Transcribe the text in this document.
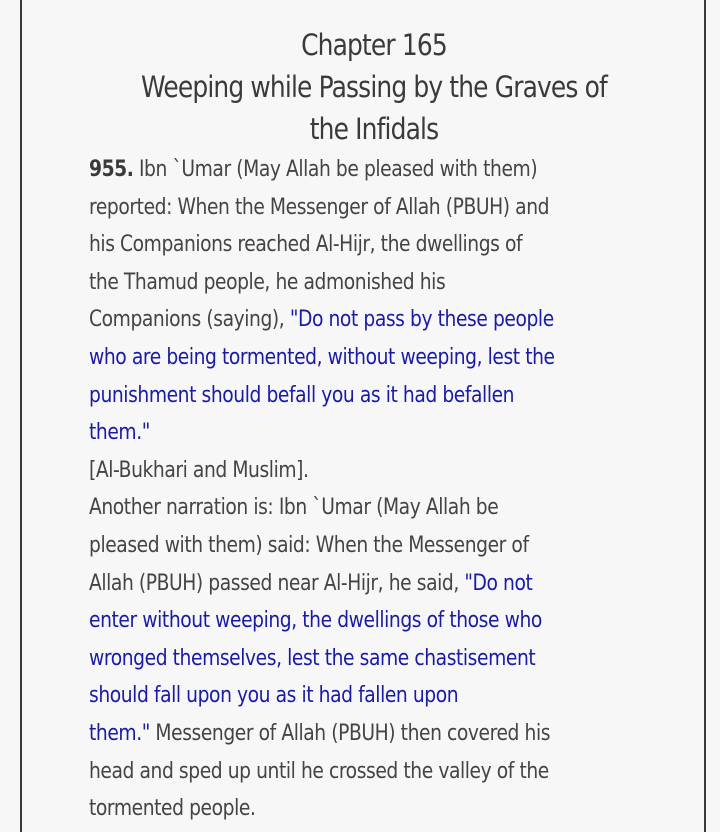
Chapter 165
Weeping while Passing by the Graves of
the Infidals
955. Ibn `Umar (May Allah be pleased with them)
reported: When the Messenger of Allah (PBUH) and
his Companions reached Al-Hijr, the dwellings of
the Thamud people, he admonished his
Companions (saying), "Do not pass by these people
who are being tormented, without weeping, lest the
punishment should befall you as it had befallen
them."
[Al-Bukhari and Muslim].
Another narration is: Ibn `Umar (May Allah be
pleased with them) said: When the Messenger of
Allah (PBUH) passed near Al-Hijr, he said, "Do not
enter without weeping, the dwellings of those who
wronged themselves, lest the same chastisement
should fall upon you as it had fallen upon
them." Messenger of Allah (PBUH) then covered his
head and sped up until he crossed the valley of the
tormented people.
